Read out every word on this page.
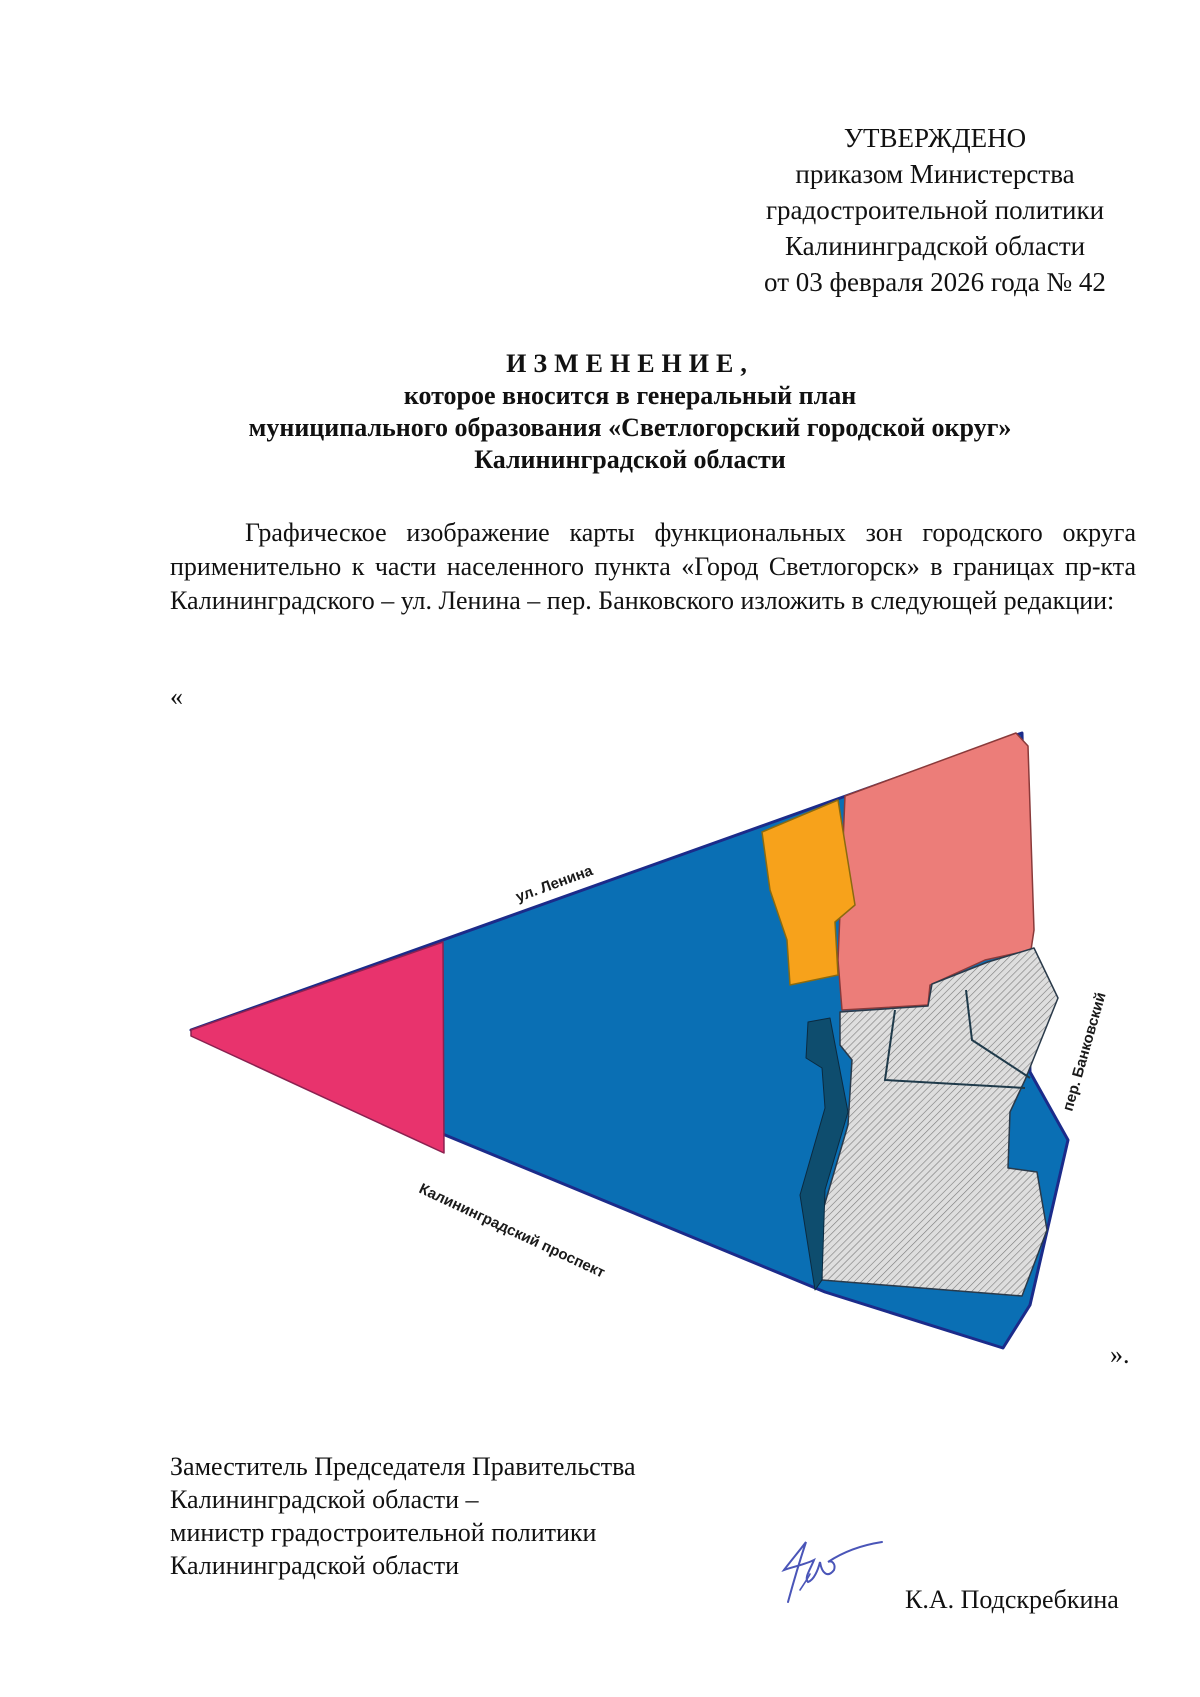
УТВЕРЖДЕНО
приказом Министерства
градостроительной политики
Калининградской области
от 03 февраля 2026 года № 42
ИЗМЕНЕНИЕ,
которое вносится в генеральный план
муниципального образования «Светлогорский городской округ»
Калининградской области
Графическое изображение карты функциональных зон городского округа применительно к части населенного пункта «Город Светлогорск» в границах пр-кта Калининградского – ул. Ленина – пер. Банковского изложить в следующей редакции:
«
ул. Ленина
пер. Банковский
Калининградский проспект
».
Заместитель Председателя Правительства
Калининградской области –
министр градостроительной политики
Калининградской области
К.А. Подскребкина
